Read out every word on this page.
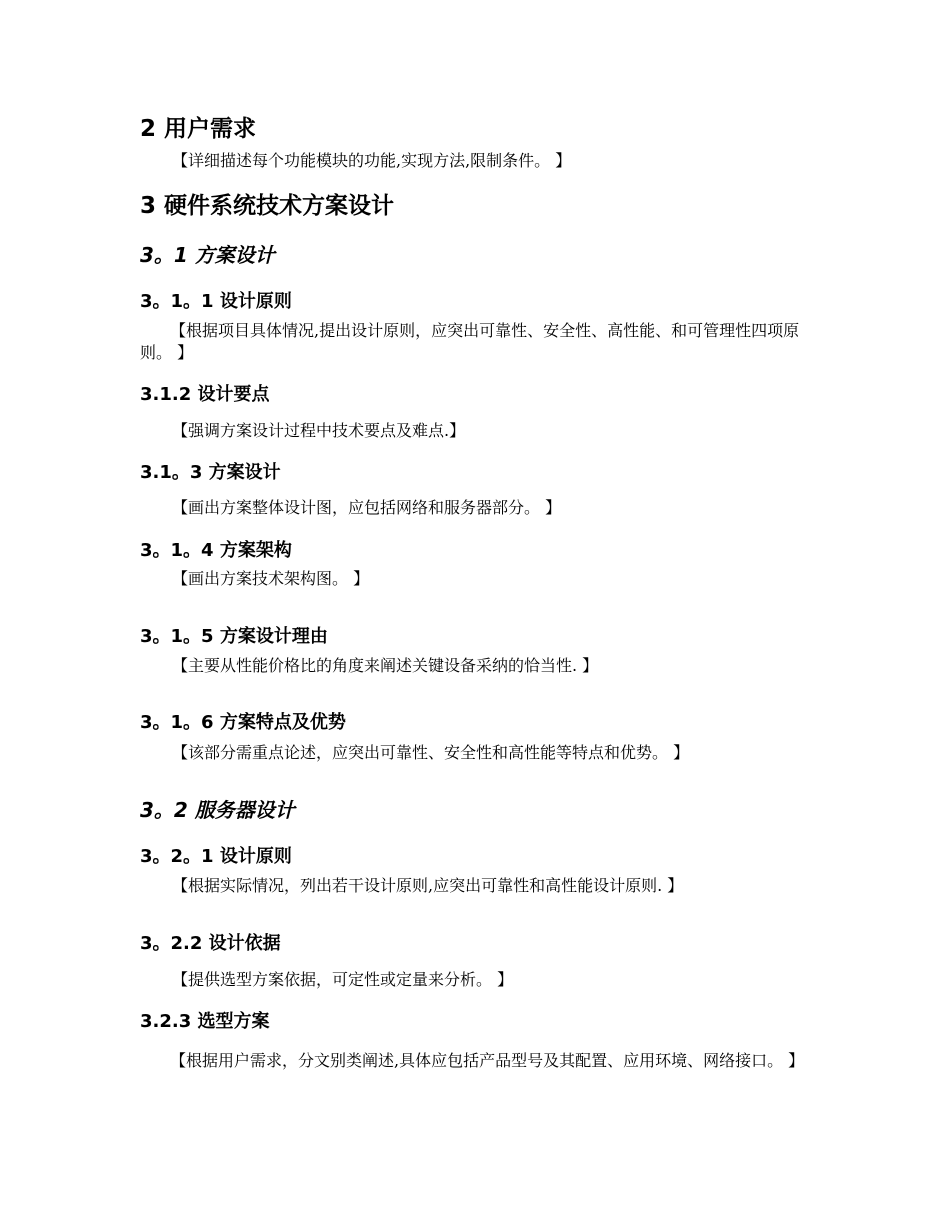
2 用户需求

【详细描述每个功能模块的功能,实现方法,限制条件。 】

3 硬件系统技术方案设计
3。1 方案设计
3。1。1 设计原则

【根据项目具体情况,提出设计原则，应突出可靠性、安全性、高性能、和可管理性四项原则。 】

3.1.2 设计要点

【强调方案设计过程中技术要点及难点.】

3.1。3 方案设计

【画出方案整体设计图，应包括网络和服务器部分。 】

3。1。4 方案架构

【画出方案技术架构图。 】

3。1。5 方案设计理由

【主要从性能价格比的角度来阐述关键设备采纳的恰当性. 】

3。1。6 方案特点及优势

【该部分需重点论述，应突出可靠性、安全性和高性能等特点和优势。 】

3。2 服务器设计
3。2。1 设计原则

【根据实际情况，列出若干设计原则,应突出可靠性和高性能设计原则. 】

3。2.2 设计依据

【提供选型方案依据，可定性或定量来分析。 】

3.2.3 选型方案

【根据用户需求，分文别类阐述,具体应包括产品型号及其配置、应用环境、网络接口。 】
